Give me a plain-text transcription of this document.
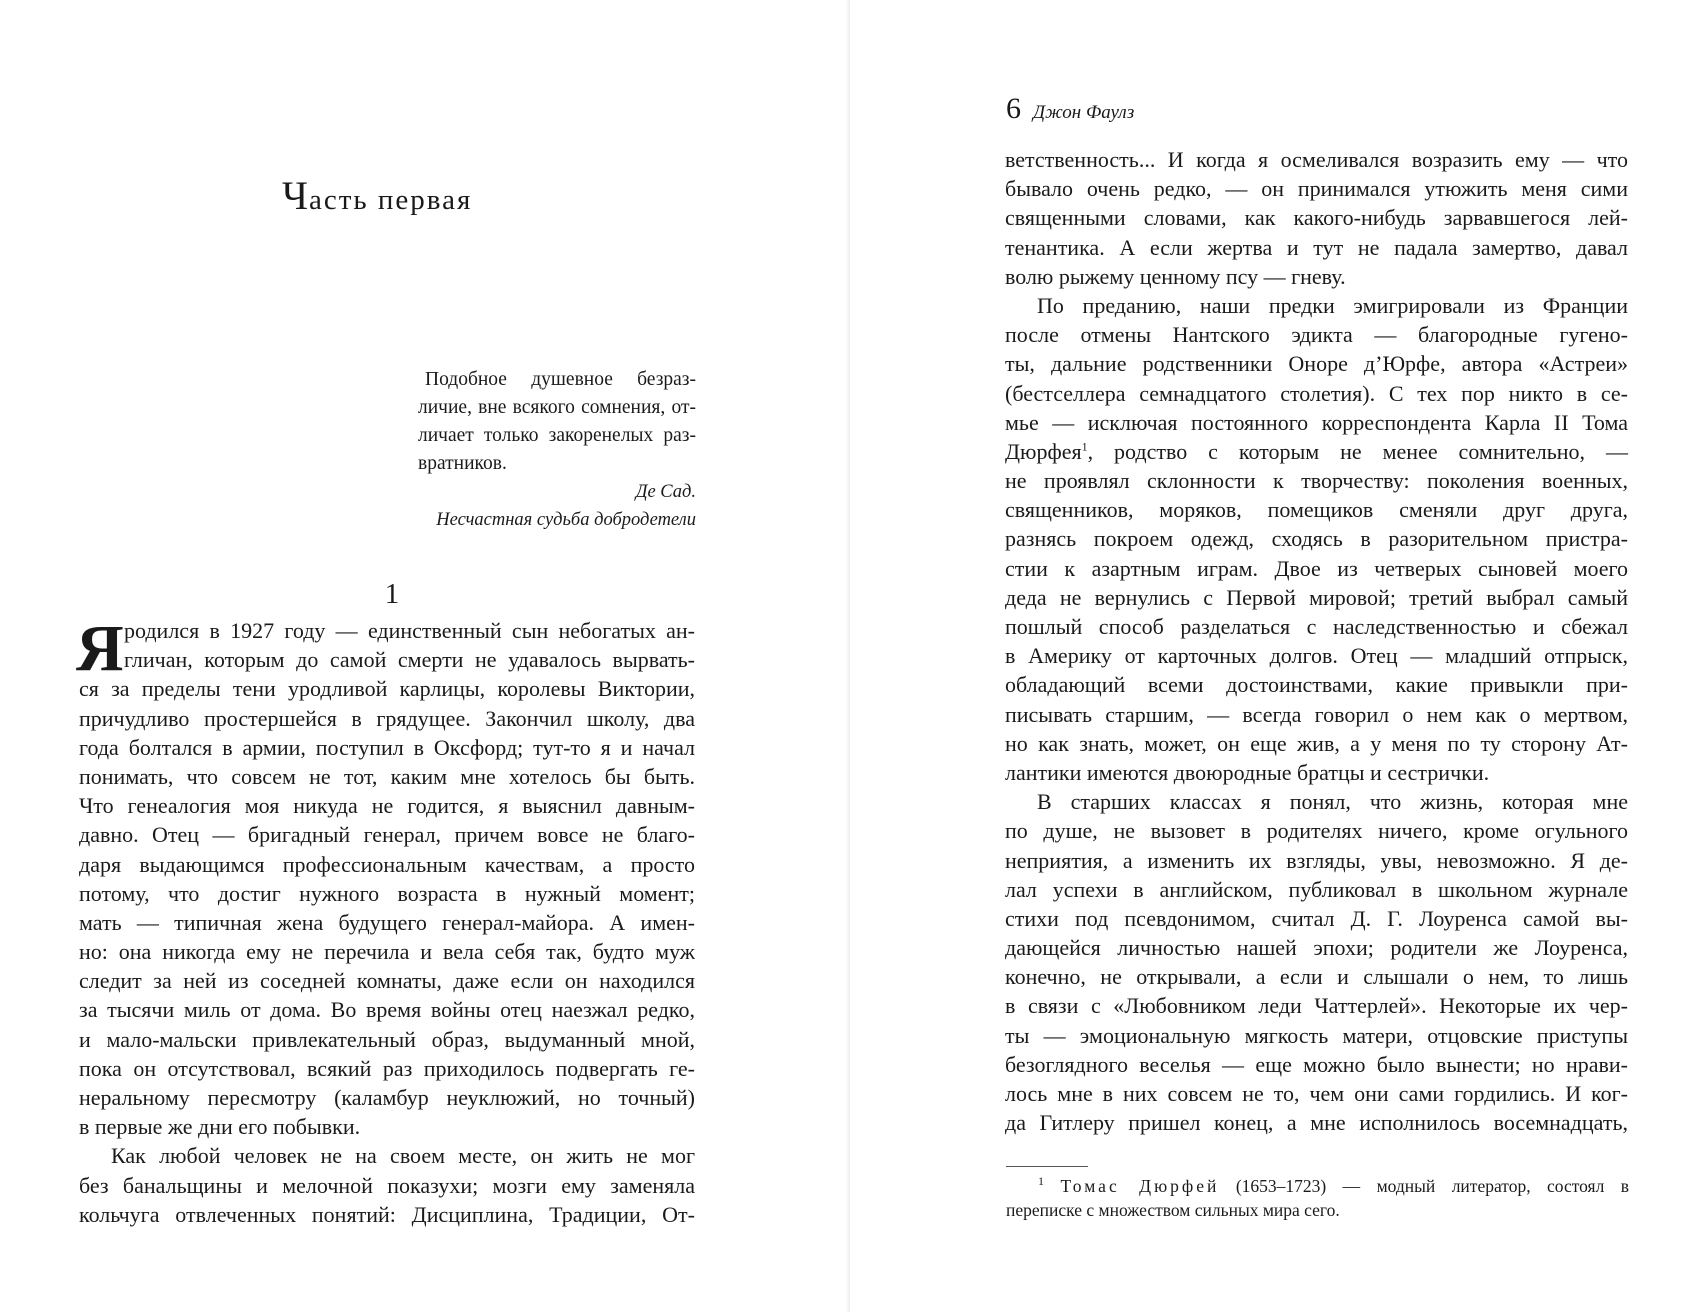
Часть первая
Подобное душевное безраз-
личие, вне всякого сомнения, от-
личает только закоренелых раз-
вратников.
Де Сад.
Несчастная судьба добродетели
1
Я родился в 1927 году — единственный сын небогатых ан-
гличан, которым до самой смерти не удавалось вырвать-
ся за пределы тени уродливой карлицы, королевы Виктории,
причудливо простершейся в грядущее. Закончил школу, два
года болтался в армии, поступил в Оксфорд; тут-то я и начал
понимать, что совсем не тот, каким мне хотелось бы быть.
Что генеалогия моя никуда не годится, я выяснил давным-
давно. Отец — бригадный генерал, причем вовсе не благо-
даря выдающимся профессиональным качествам, а просто
потому, что достиг нужного возраста в нужный момент;
мать — типичная жена будущего генерал-майора. А имен-
но: она никогда ему не перечила и вела себя так, будто муж
следит за ней из соседней комнаты, даже если он находился
за тысячи миль от дома. Во время войны отец наезжал редко,
и мало-мальски привлекательный образ, выдуманный мной,
пока он отсутствовал, всякий раз приходилось подвергать ге-
неральному пересмотру (каламбур неуклюжий, но точный)
в первые же дни его побывки.
Как любой человек не на своем месте, он жить не мог
без банальщины и мелочной показухи; мозги ему заменяла
кольчуга отвлеченных понятий: Дисциплина, Традиции, От-
6 Джон Фаулз
ветственность... И когда я осмеливался возразить ему — что
бывало очень редко, — он принимался утюжить меня сими
священными словами, как какого-нибудь зарвавшегося лей-
тенантика. А если жертва и тут не падала замертво, давал
волю рыжему ценному псу — гневу.
По преданию, наши предки эмигрировали из Франции
после отмены Нантского эдикта — благородные гугено-
ты, дальние родственники Оноре д’Юрфе, автора «Астреи»
(бестселлера семнадцатого столетия). С тех пор никто в се-
мье — исключая постоянного корреспондента Карла II Тома
Дюрфея$^1$, родство с которым не менее сомнительно, —
не проявлял склонности к творчеству: поколения военных,
священников, моряков, помещиков сменяли друг друга,
разнясь покроем одежд, сходясь в разорительном пристра-
стии к азартным играм. Двое из четверых сыновей моего
деда не вернулись с Первой мировой; третий выбрал самый
пошлый способ разделаться с наследственностью и сбежал
в Америку от карточных долгов. Отец — младший отпрыск,
обладающий всеми достоинствами, какие привыкли при-
писывать старшим, — всегда говорил о нем как о мертвом,
но как знать, может, он еще жив, а у меня по ту сторону Ат-
лантики имеются двоюродные братцы и сестрички.
В старших классах я понял, что жизнь, которая мне
по душе, не вызовет в родителях ничего, кроме огульного
неприятия, а изменить их взгляды, увы, невозможно. Я де-
лал успехи в английском, публиковал в школьном журнале
стихи под псевдонимом, считал Д. Г. Лоуренса самой вы-
дающейся личностью нашей эпохи; родители же Лоуренса,
конечно, не открывали, а если и слышали о нем, то лишь
в связи с «Любовником леди Чаттерлей». Некоторые их чер-
ты — эмоциональную мягкость матери, отцовские приступы
безоглядного веселья — еще можно было вынести; но нрави-
лось мне в них совсем не то, чем они сами гордились. И ког-
да Гитлеру пришел конец, а мне исполнилось восемнадцать,
$^1$ Томас Дюрфей (1653–1723) — модный литератор, состоял в
переписке с множеством сильных мира сего.
